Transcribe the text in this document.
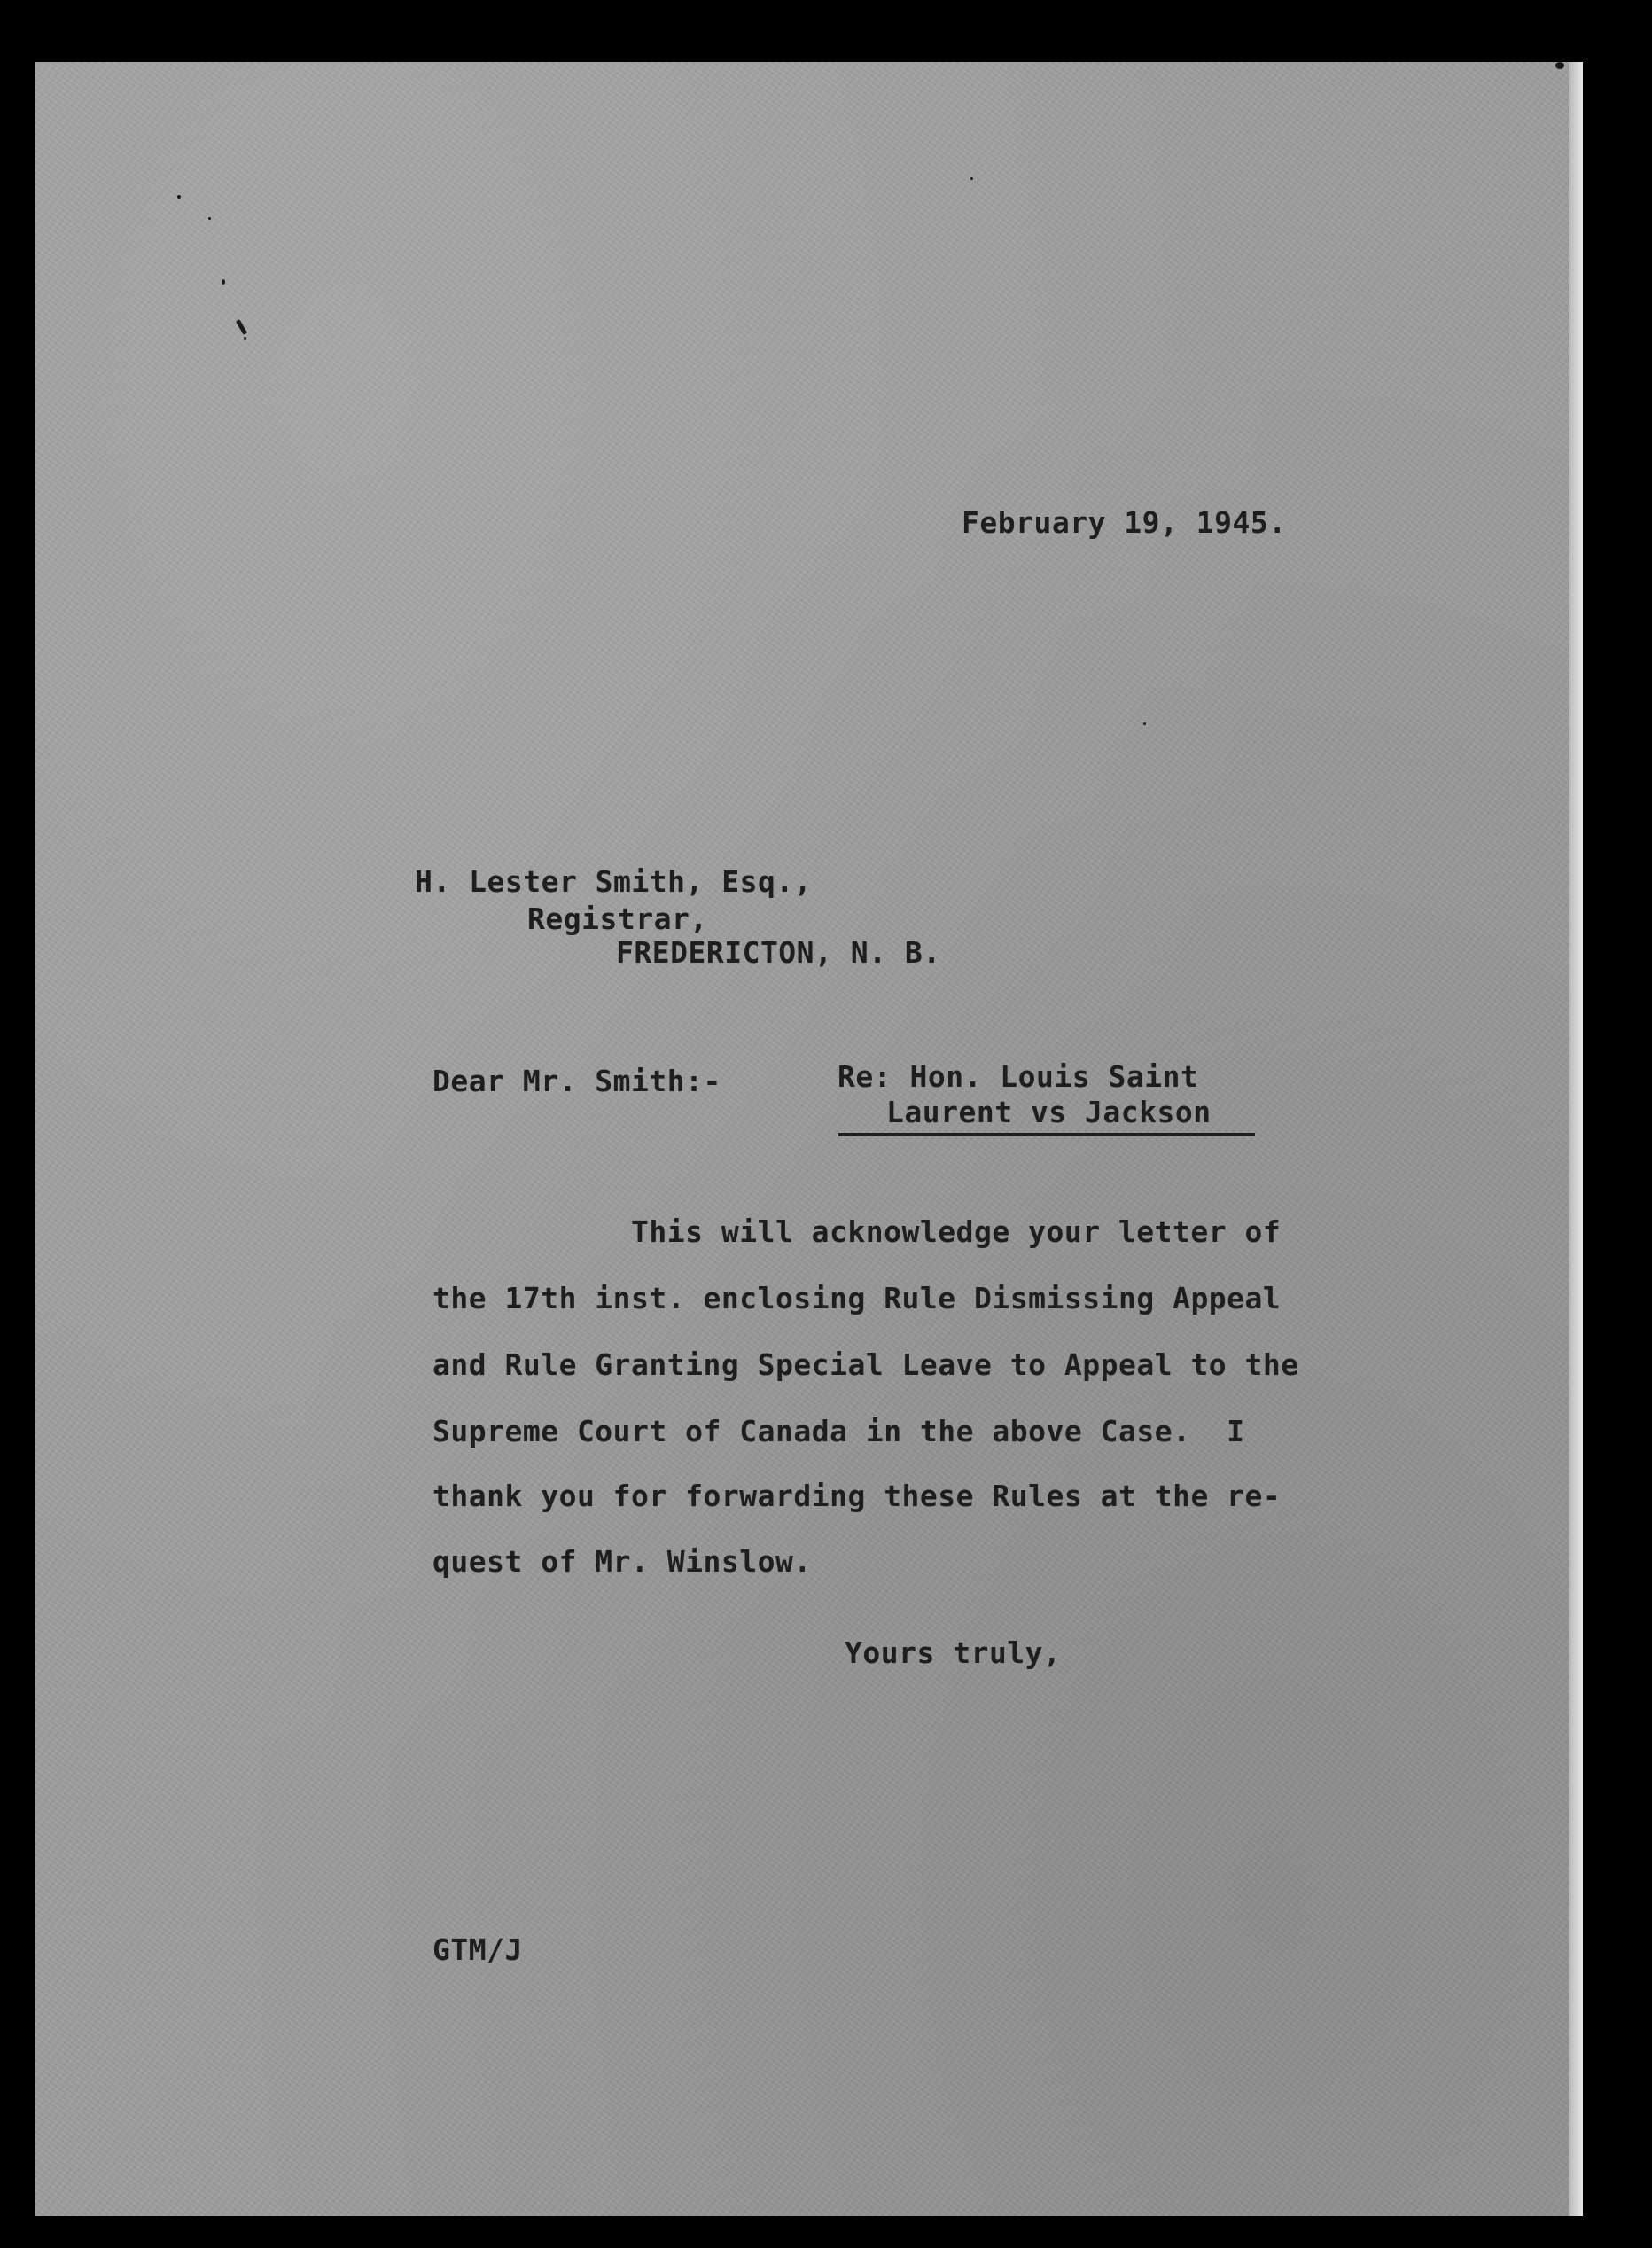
February 19, 1945.
H. Lester Smith, Esq.,
Registrar,
FREDERICTON, N. B.
Dear Mr. Smith:-	Re: Hon. Louis Saint
Laurent vs Jackson
This will acknowledge your letter of
the 17th inst. enclosing Rule Dismissing Appeal
and Rule Granting Special Leave to Appeal to the
Supreme Court of Canada in the above Case.  I
thank you for forwarding these Rules at the re-
quest of Mr. Winslow.
Yours truly,
GTM/J
